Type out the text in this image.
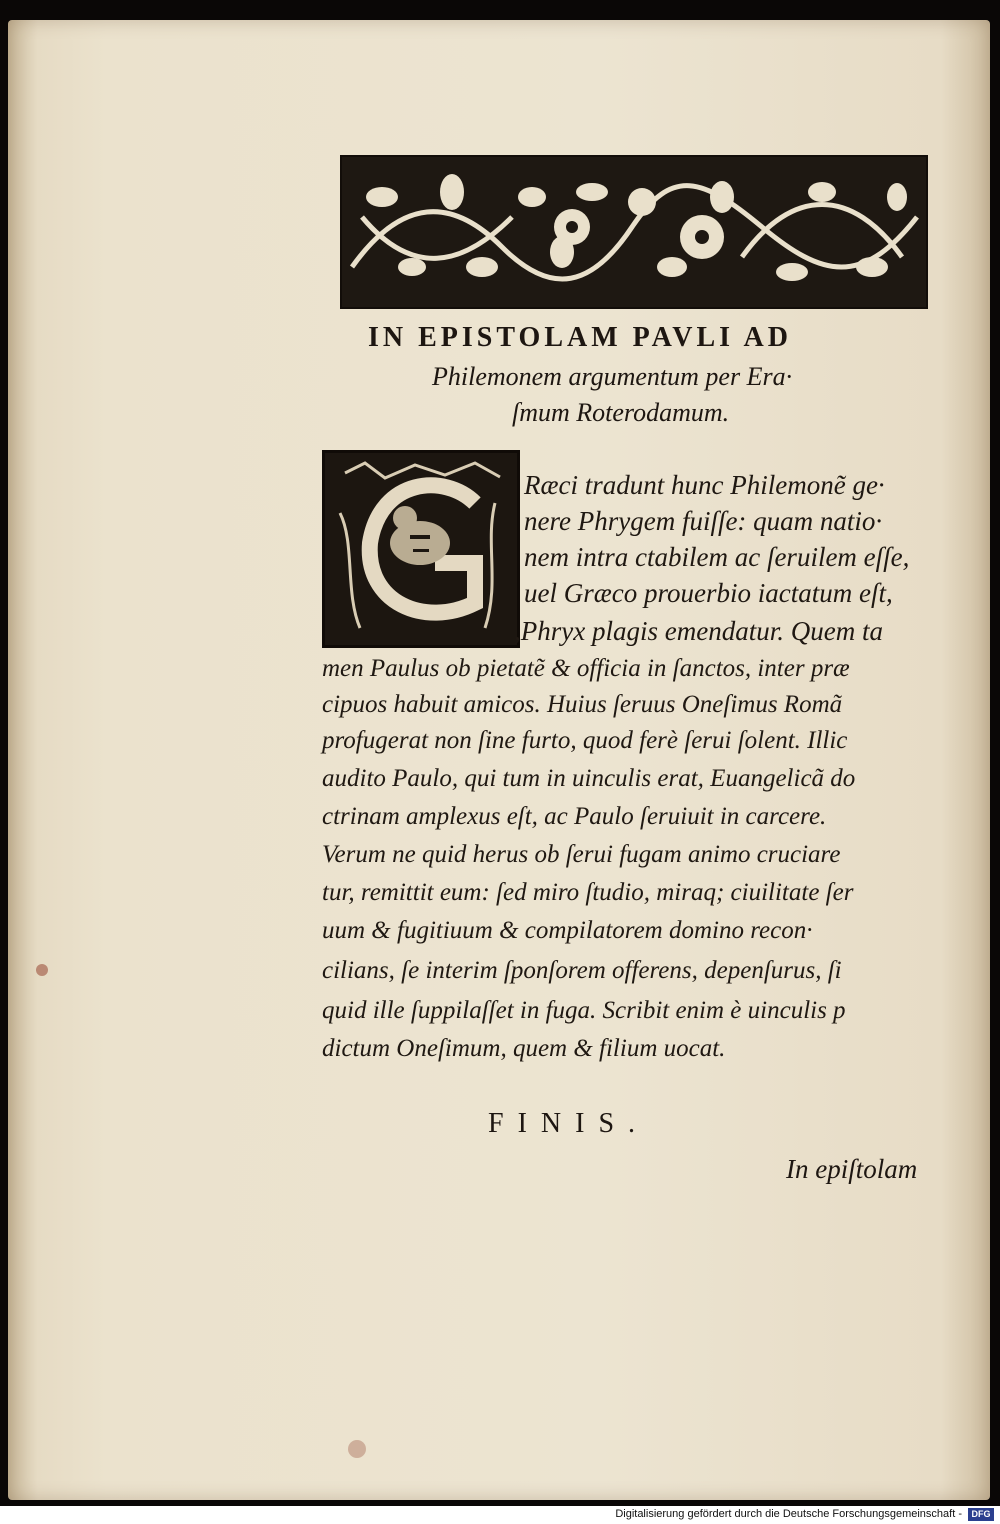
IN EPISTOLAM PAVLI AD
Philemonem argumentum per Era·
ſmum Roterodamum.
Ræci tradunt hunc Philemonẽ ge·
nere Phrygem fuiſſe: quam natio·
nem intra ctabilem ac ſeruilem eſſe,
uel Græco prouerbio iactatum eſt,
,Phryx plagis emendatur. Quem ta
men Paulus ob pietatẽ & officia in ſanctos, inter præ
cipuos habuit amicos. Huius ſeruus Oneſimus Romã
profugerat non ſine furto, quod ferè ſerui ſolent. Illic
audito Paulo, qui tum in uinculis erat, Euangelicã do
ctrinam amplexus eſt, ac Paulo ſeruiuit in carcere.
Verum ne quid herus ob ſerui fugam animo cruciare
tur, remittit eum: ſed miro ſtudio, miraq; ciuilitate ſer
uum & fugitiuum & compilatorem domino recon·
cilians, ſe interim ſponſorem offerens, depenſurus, ſi
quid ille ſuppilaſſet in fuga. Scribit enim è uinculis p
dictum Oneſimum, quem & filium uocat.
FINIS.
In epiſtolam
Digitalisierung gefördert durch die Deutsche Forschungsgemeinschaft -	DFG
